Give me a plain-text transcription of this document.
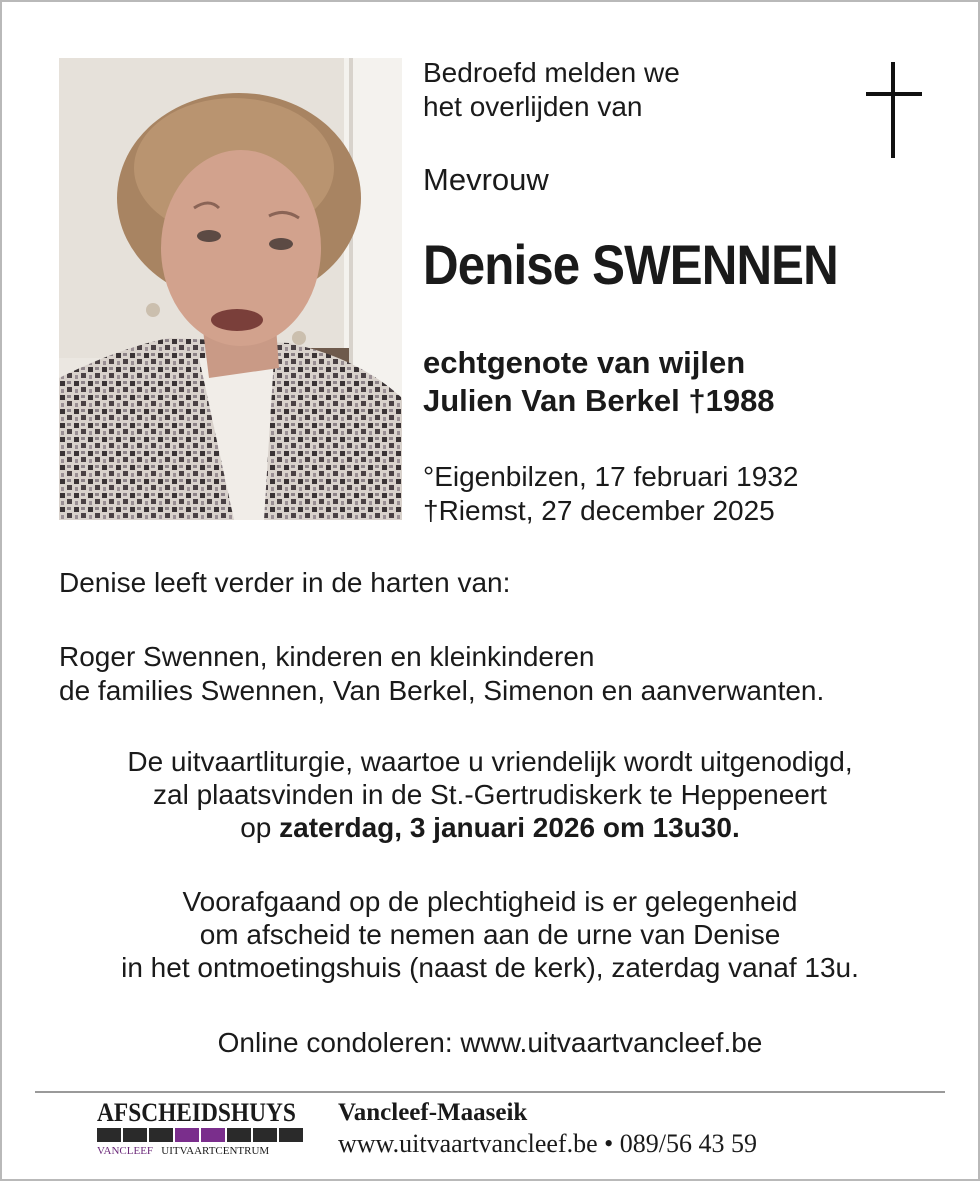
Bedroefd melden we
het overlijden van
Mevrouw
Denise SWENNEN
echtgenote van wijlen
Julien Van Berkel †1988
°Eigenbilzen, 17 februari 1932
†Riemst, 27 december 2025
Denise leeft verder in de harten van:
Roger Swennen, kinderen en kleinkinderen
de families Swennen, Van Berkel, Simenon en aanverwanten.
De uitvaartliturgie, waartoe u vriendelijk wordt uitgenodigd,
zal plaatsvinden in de St.-Gertrudiskerk te Heppeneert
op zaterdag, 3 januari 2026 om 13u30.
Voorafgaand op de plechtigheid is er gelegenheid
om afscheid te nemen aan de urne van Denise
in het ontmoetingshuis (naast de kerk), zaterdag vanaf 13u.
Online condoleren: www.uitvaartvancleef.be
AFSCHEIDSHUYS
VANCLEEF UITVAARTCENTRUM
Vancleef-Maaseik
www.uitvaartvancleef.be • 089/56 43 59
